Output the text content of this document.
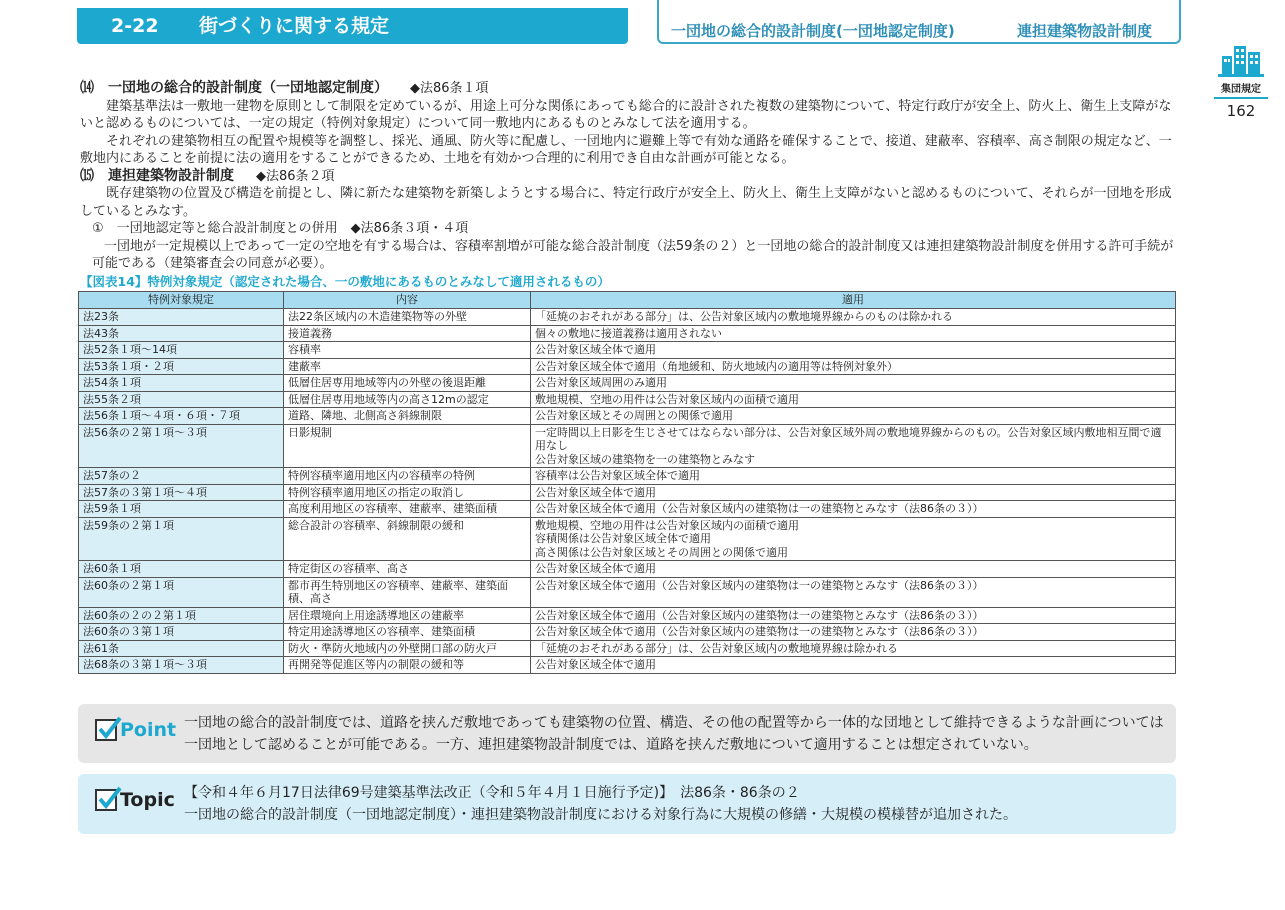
2-22 街づくりに関する規定	一団地の総合的設計制度(一団地認定制度)	連担建築物設計制度
集団規定
162

⒁　 一団地の総合的設計制度（一団地認定制度） ◆法86条１項

建築基準法は一敷地一建物を原則として制限を定めているが、用途上可分な関係にあっても総合的に設計された複数の建築物について、特定行政庁が安全上、防火上、衛生上支障がないと認めるものについては、一定の規定（特例対象規定）について同一敷地内にあるものとみなして法を適用する。

それぞれの建築物相互の配置や規模等を調整し、採光、通風、防火等に配慮し、一団地内に避難上等で有効な通路を確保することで、接道、建蔽率、容積率、高さ制限の規定など、一敷地内にあることを前提に法の適用をすることができるため、土地を有効かつ合理的に利用でき自由な計画が可能となる。

⒂　 連担建築物設計制度 ◆法86条２項

既存建築物の位置及び構造を前提とし、隣に新たな建築物を新築しようとする場合に、特定行政庁が安全上、防火上、衛生上支障がないと認めるものについて、それらが一団地を形成しているとみなす。

①　一団地認定等と総合設計制度との併用　 ◆法86条３項・４項

一団地が一定規模以上であって一定の空地を有する場合は、容積率割増が可能な総合設計制度（法59条の２）と一団地の総合的設計制度又は連担建築物設計制度を併用する許可手続が可能である（建築審査会の同意が必要）。

【図表14】特例対象規定（認定された場合、一の敷地にあるものとみなして適用されるもの）

特例対象規定	内容	適用
法23条	法22条区域内の木造建築物等の外壁	「延焼のおそれがある部分」は、公告対象区域内の敷地境界線からのものは除かれる
法43条	接道義務	個々の敷地に接道義務は適用されない
法52条１項〜14項	容積率	公告対象区域全体で適用
法53条１項・２項	建蔽率	公告対象区域全体で適用（角地緩和、防火地域内の適用等は特例対象外）
法54条１項	低層住居専用地域等内の外壁の後退距離	公告対象区域周囲のみ適用
法55条２項	低層住居専用地域等内の高さ12mの認定	敷地規模、空地の用件は公告対象区域内の面積で適用
法56条１項〜４項・６項・７項	道路、隣地、北側高さ斜線制限	公告対象区域とその周囲との関係で適用
法56条の２第１項〜３項	日影規制	一定時間以上日影を生じさせてはならない部分は、公告対象区域外周の敷地境界線からのもの。公告対象区域内敷地相互間で適用なし
公告対象区域の建築物を一の建築物とみなす
法57条の２	特例容積率適用地区内の容積率の特例	容積率は公告対象区域全体で適用
法57条の３第１項〜４項	特例容積率適用地区の指定の取消し	公告対象区域全体で適用
法59条１項	高度利用地区の容積率、建蔽率、建築面積	公告対象区域全体で適用（公告対象区域内の建築物は一の建築物とみなす（法86条の３））
法59条の２第１項	総合設計の容積率、斜線制限の緩和	敷地規模、空地の用件は公告対象区域内の面積で適用
容積関係は公告対象区域全体で適用
高さ関係は公告対象区域とその周囲との関係で適用
法60条１項	特定街区の容積率、高さ	公告対象区域全体で適用
法60条の２第１項	都市再生特別地区の容積率、建蔽率、建築面積、高さ	公告対象区域全体で適用（公告対象区域内の建築物は一の建築物とみなす（法86条の３））
法60条の２の２第１項	居住環境向上用途誘導地区の建蔽率	公告対象区域全体で適用（公告対象区域内の建築物は一の建築物とみなす（法86条の３））
法60条の３第１項	特定用途誘導地区の容積率、建築面積	公告対象区域全体で適用（公告対象区域内の建築物は一の建築物とみなす（法86条の３））
法61条	防火・準防火地域内の外壁開口部の防火戸	「延焼のおそれがある部分」は、公告対象区域内の敷地境界線は除かれる
法68条の３第１項〜３項	再開発等促進区等内の制限の緩和等	公告対象区域全体で適用
Point 一団地の総合的設計制度では、道路を挟んだ敷地であっても建築物の位置、構造、その他の配置等から一体的な団地として維持できるような計画については一団地として認めることが可能である。一方、連担建築物設計制度では、道路を挟んだ敷地について適用することは想定されていない。
Topic 【令和４年６月17日法律69号建築基準法改正（令和５年４月１日施行予定)】　法86条・86条の２
一団地の総合的設計制度（一団地認定制度）・連担建築物設計制度における対象行為に大規模の修繕・大規模の模様替が追加された。
